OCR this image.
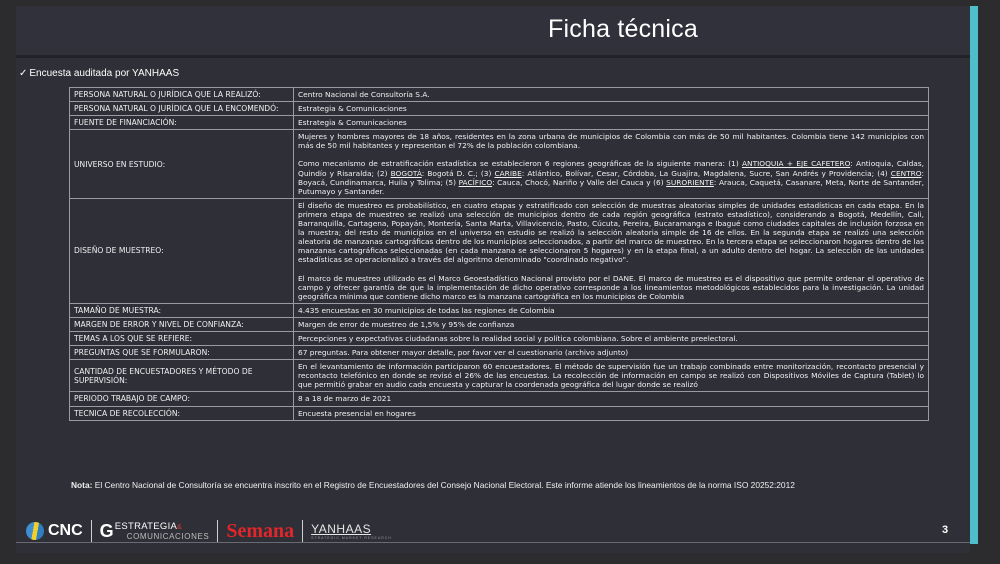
Ficha técnica
✓ Encuesta auditada por YANHAAS
PERSONA NATURAL O JURÍDICA QUE LA REALIZÓ:	Centro Nacional de Consultoría S.A.
PERSONA NATURAL O JURÍDICA QUE LA ENCOMENDÓ:	Estrategia & Comunicaciones
FUENTE DE FINANCIACIÓN:	Estrategia & Comunicaciones
UNIVERSO EN ESTUDIO:	Mujeres y hombres mayores de 18 años, residentes en la zona urbana de municipios de Colombia con más de 50 mil habitantes. Colombia tiene 142 municipios con más de 50 mil habitantes y representan el 72% de la población colombiana.
Como mecanismo de estratificación estadística se establecieron 6 regiones geográficas de la siguiente manera: (1) ANTIOQUIA + EJE CAFETERO: Antioquia, Caldas, Quindío y Risaralda; (2) BOGOTÁ: Bogotá D. C.; (3) CARIBE: Atlántico, Bolívar, Cesar, Córdoba, La Guajira, Magdalena, Sucre, San Andrés y Providencia; (4) CENTRO: Boyacá, Cundinamarca, Huila y Tolima; (5) PACÍFICO: Cauca, Chocó, Nariño y Valle del Cauca y (6) SURORIENTE: Arauca, Caquetá, Casanare, Meta, Norte de Santander, Putumayo y Santander.

DISEÑO DE MUESTREO:	El diseño de muestreo es probabilístico, en cuatro etapas y estratificado con selección de muestras aleatorias simples de unidades estadísticas en cada etapa. En la primera etapa de muestreo se realizó una selección de municipios dentro de cada región geográfica (estrato estadístico), considerando a Bogotá, Medellín, Cali, Barranquilla, Cartagena, Popayán, Montería, Santa Marta, Villavicencio, Pasto, Cúcuta, Pereira, Bucaramanga e Ibagué como ciudades capitales de inclusión forzosa en la muestra; del resto de municipios en el universo en estudio se realizó la selección aleatoria simple de 16 de ellos. En la segunda etapa se realizó una selección aleatoria de manzanas cartográficas dentro de los municipios seleccionados, a partir del marco de muestreo. En la tercera etapa se seleccionaron hogares dentro de las manzanas cartográficas seleccionadas (en cada manzana se seleccionaron 5 hogares) y en la etapa final, a un adulto dentro del hogar. La selección de las unidades estadísticas se operacionalizó a través del algoritmo denominado "coordinado negativo".
El marco de muestreo utilizado es el Marco Geoestadístico Nacional provisto por el DANE. El marco de muestreo es el dispositivo que permite ordenar el operativo de campo y ofrecer garantía de que la implementación de dicho operativo corresponde a los lineamientos metodológicos establecidos para la investigación. La unidad geográfica mínima que contiene dicho marco es la manzana cartográfica en los municipios de Colombia

TAMAÑO DE MUESTRA:	4.435 encuestas en 30 municipios de todas las regiones de Colombia
MARGEN DE ERROR Y NIVEL DE CONFIANZA:	Margen de error de muestreo de 1,5% y 95% de confianza
TEMAS A LOS QUE SE REFIERE:	Percepciones y expectativas ciudadanas sobre la realidad social y política colombiana. Sobre el ambiente preelectoral.
PREGUNTAS QUE SE FORMULARON:	67 preguntas. Para obtener mayor detalle, por favor ver el cuestionario (archivo adjunto)
CANTIDAD DE ENCUESTADORES Y MÉTODO DE SUPERVISIÓN:	En el levantamiento de información participaron 60 encuestadores. El método de supervisión fue un trabajo combinado entre monitorización, recontacto presencial y recontacto telefónico en donde se revisó el 26% de las encuestas. La recolección de información en campo se realizó con Dispositivos Móviles de Captura (Tablet) lo que permitió grabar en audio cada encuesta y capturar la coordenada geográfica del lugar donde se realizó
PERIODO TRABAJO DE CAMPO:	8 a 18 de marzo de 2021
TECNICA DE RECOLECCIÓN:	Encuesta presencial en hogares
Nota: El Centro Nacional de Consultoría se encuentra inscrito en el Registro de Encuestadores del Consejo Nacional Electoral. Este informe atiende los lineamientos de la norma ISO 20252:2012
CNC G ESTRATEGIA&
COMUNICACIONES Semana YANHAAS
STRATEGIC MARKET RESEARCH
3
